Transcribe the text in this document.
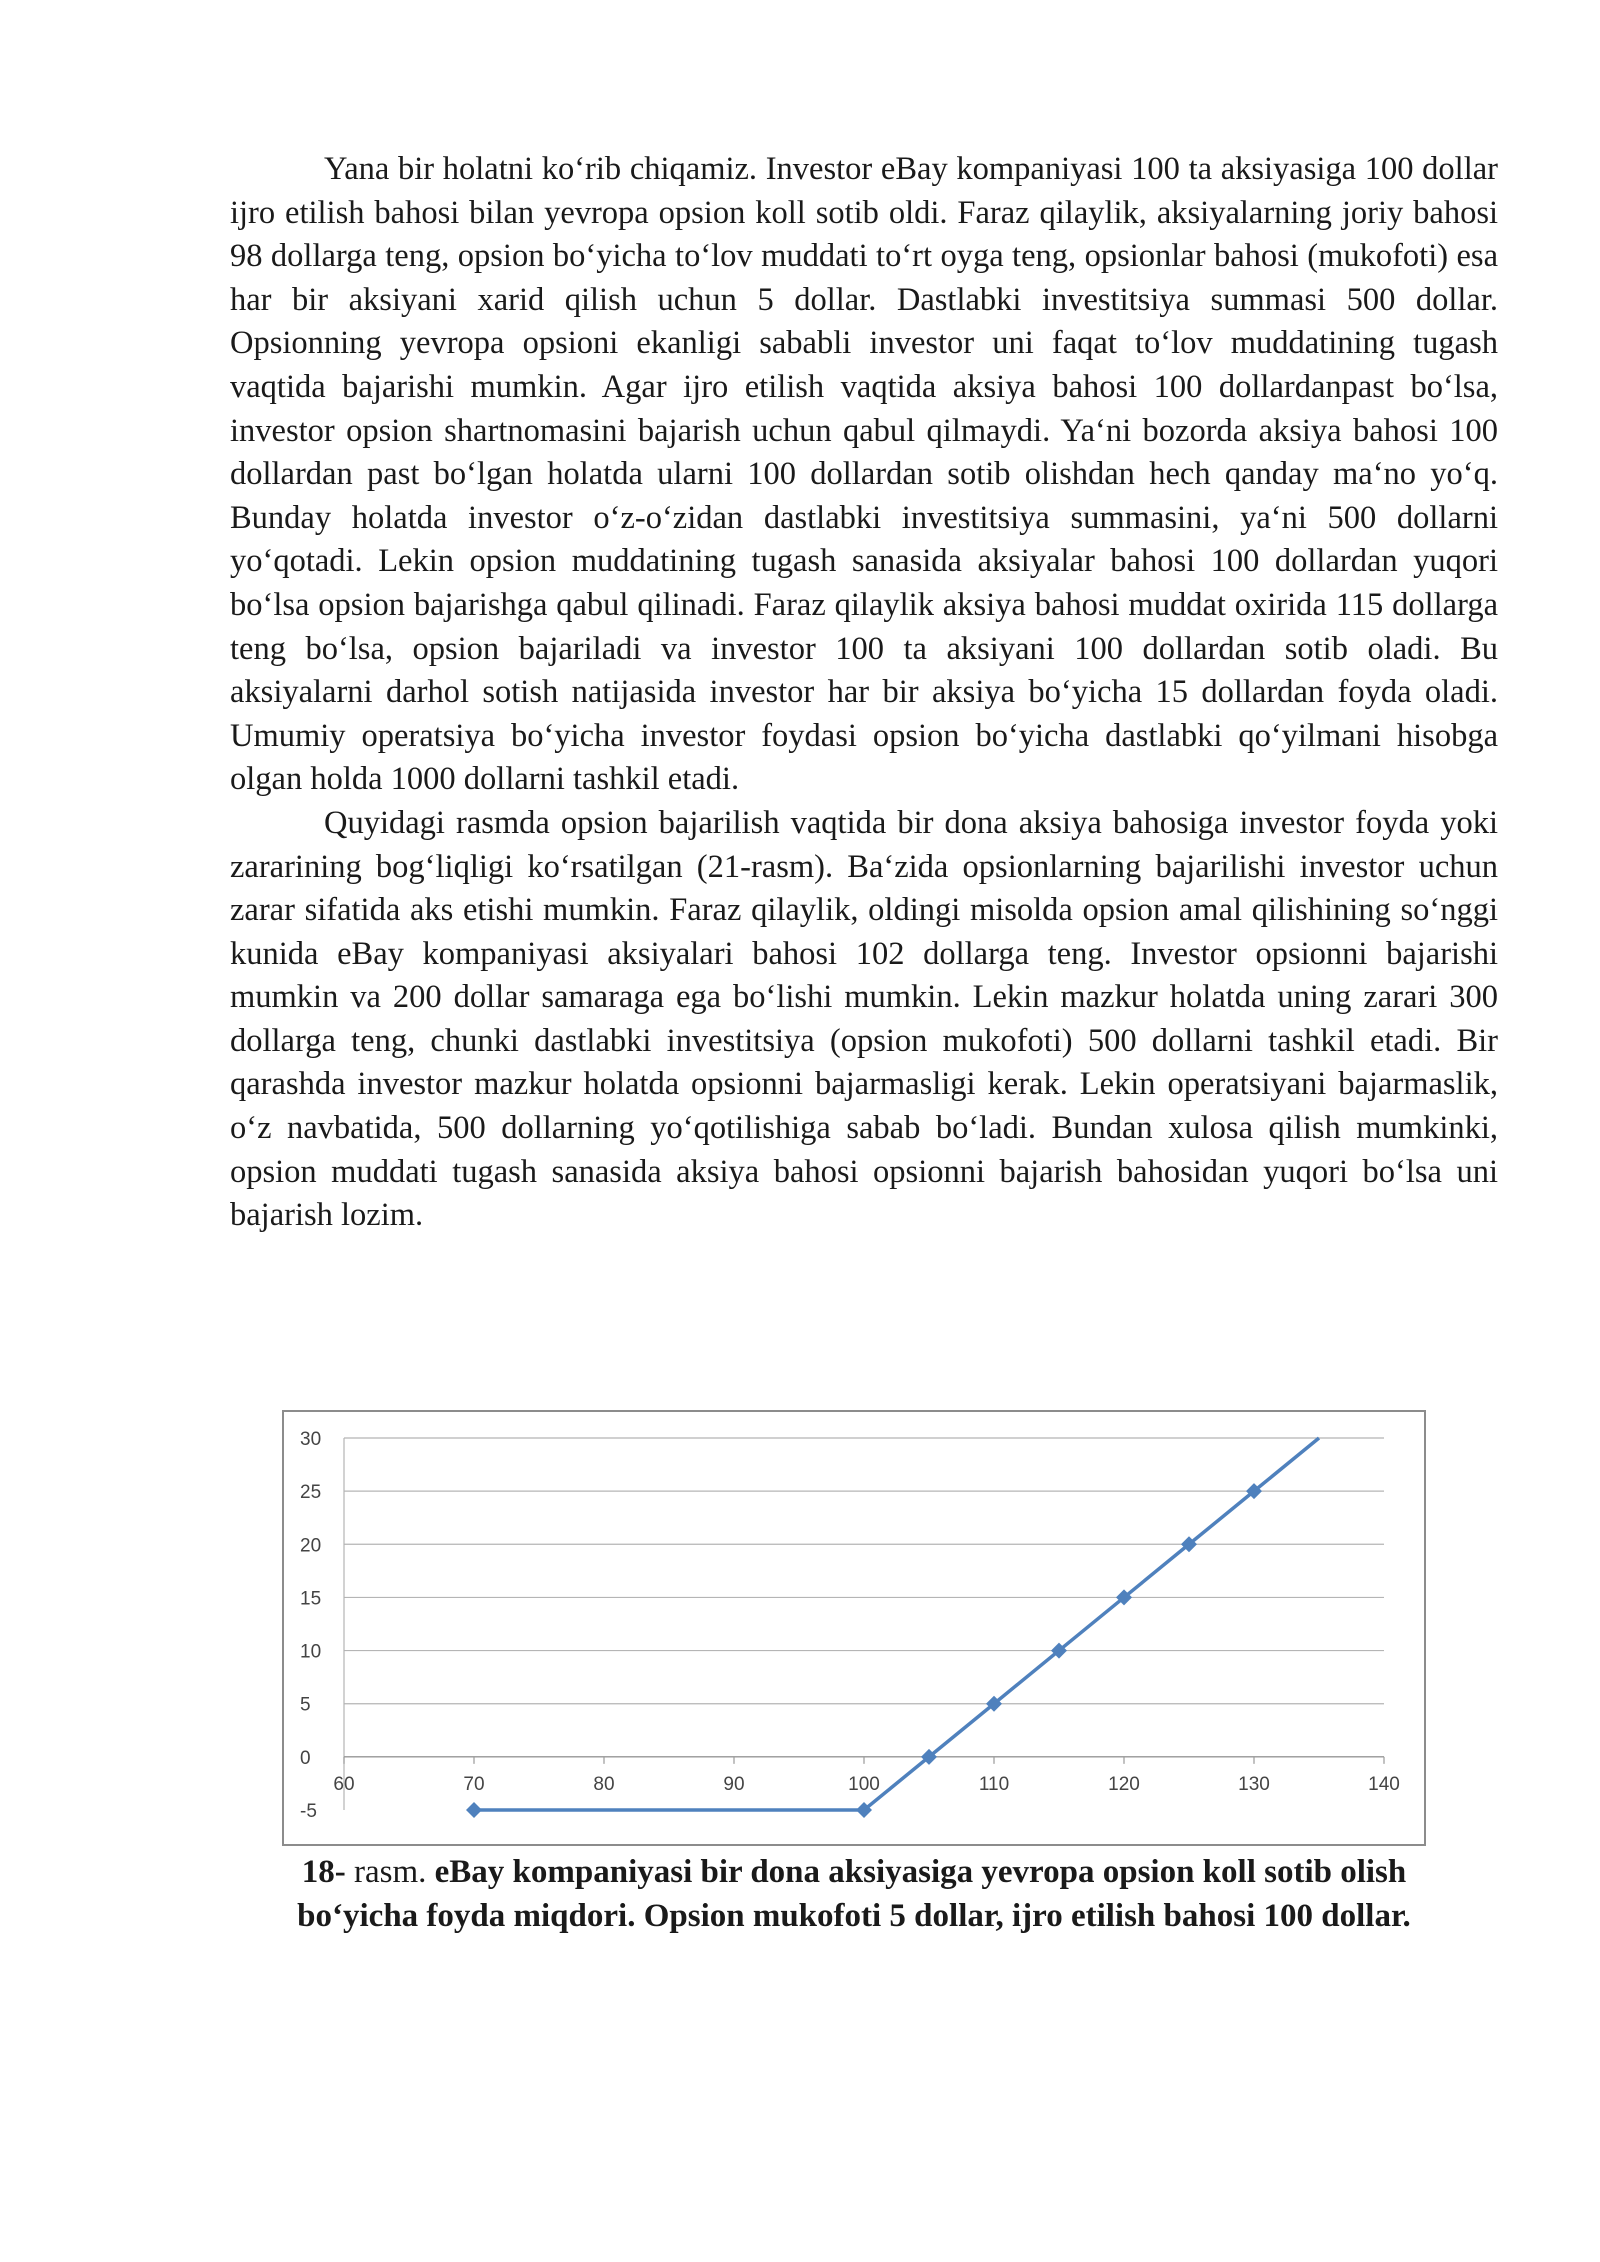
Yana bir holatni ko‘rib chiqamiz. Investor eBay kompaniyasi 100 ta aksiyasiga 100 dollar ijro etilish bahosi bilan yevropa opsion koll sotib oldi. Faraz qilaylik, aksiyalarning joriy bahosi 98 dollarga teng, opsion bo‘yicha to‘lov muddati to‘rt oyga teng, opsionlar bahosi (mukofoti) esa har bir aksiyani xarid qilish uchun 5 dollar. Dastlabki investitsiya summasi 500 dollar. Opsionning yevropa opsioni ekanligi sababli investor uni faqat to‘lov muddatining tugash vaqtida bajarishi mumkin. Agar ijro etilish vaqtida aksiya bahosi 100 dollardanpast bo‘lsa, investor opsion shartnomasini bajarish uchun qabul qilmaydi. Ya‘ni bozorda aksiya bahosi 100 dollardan past bo‘lgan holatda ularni 100 dollardan sotib olishdan hech qanday ma‘no yo‘q. Bunday holatda investor o‘z-o‘zidan dastlabki investitsiya summasini, ya‘ni 500 dollarni yo‘qotadi. Lekin opsion muddatining tugash sanasida aksiyalar bahosi 100 dollardan yuqori bo‘lsa opsion bajarishga qabul qilinadi. Faraz qilaylik aksiya bahosi muddat oxirida 115 dollarga teng bo‘lsa, opsion bajariladi va investor 100 ta aksiyani 100 dollardan sotib oladi. Bu aksiyalarni darhol sotish natijasida investor har bir aksiya bo‘yicha 15 dollardan foyda oladi. Umumiy operatsiya bo‘yicha investor foydasi opsion bo‘yicha dastlabki qo‘yilmani hisobga olgan holda 1000 dollarni tashkil etadi.

Quyidagi rasmda opsion bajarilish vaqtida bir dona aksiya bahosiga investor foyda yoki zararining bog‘liqligi ko‘rsatilgan (21-rasm). Ba‘zida opsionlarning bajarilishi investor uchun zarar sifatida aks etishi mumkin. Faraz qilaylik, oldingi misolda opsion amal qilishining so‘nggi kunida eBay kompaniyasi aksiyalari bahosi 102 dollarga teng. Investor opsionni bajarishi mumkin va 200 dollar samaraga ega bo‘lishi mumkin. Lekin mazkur holatda uning zarari 300 dollarga teng, chunki dastlabki investitsiya (opsion mukofoti) 500 dollarni tashkil etadi. Bir qarashda investor mazkur holatda opsionni bajarmasligi kerak. Lekin operatsiyani bajarmaslik, o‘z navbatida, 500 dollarning yo‘qotilishiga sabab bo‘ladi. Bundan xulosa qilish mumkinki, opsion muddati tugash sanasida aksiya bahosi opsionni bajarish bahosidan yuqori bo‘lsa uni bajarish lozim.

30
25
20
15
10
5
0
-5
60	70	80	90	100	110	120	130	140
18- rasm. eBay kompaniyasi bir dona aksiyasiga yevropa opsion koll sotib olish bo‘yicha foyda miqdori. Opsion mukofoti 5 dollar, ijro etilish bahosi 100 dollar.
